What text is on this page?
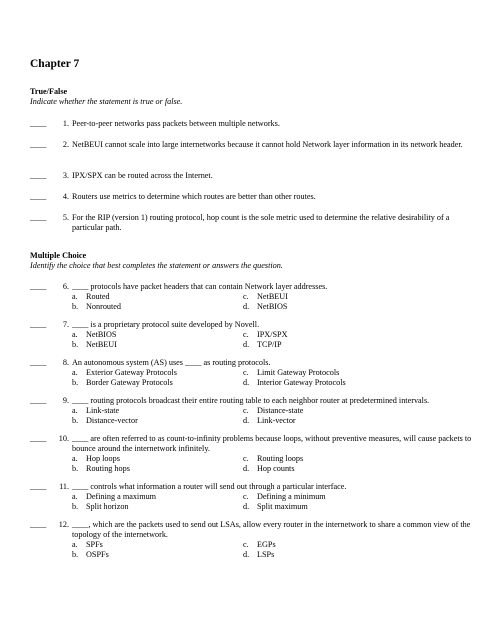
Chapter 7
True/False
Indicate whether the statement is true or false.
____	1. Peer-to-peer networks pass packets between multiple networks.
____	2. NetBEUI cannot scale into large internetworks because it cannot hold Network layer information in its network header.
____	3. IPX/SPX can be routed across the Internet.
____	4. Routers use metrics to determine which routes are better than other routes.
____	5. For the RIP (version 1) routing protocol, hop count is the sole metric used to determine the relative desirability of a particular path.
Multiple Choice
Identify the choice that best completes the statement or answers the question.
____	6. ____ protocols have packet headers that can contain Network layer addresses.
a. Routed	c. NetBEUI
b. Nonrouted	d. NetBIOS
____	7. ____ is a proprietary protocol suite developed by Novell.
a. NetBIOS	c. IPX/SPX
b. NetBEUI	d. TCP/IP
____	8. An autonomous system (AS) uses ____ as routing protocols.
a. Exterior Gateway Protocols	c. Limit Gateway Protocols
b. Border Gateway Protocols	d. Interior Gateway Protocols
____	9. ____ routing protocols broadcast their entire routing table to each neighbor router at predetermined intervals.
a. Link-state	c. Distance-state
b. Distance-vector	d. Link-vector
____	10. ____ are often referred to as count-to-infinity problems because loops, without preventive measures, will cause packets to bounce around the internetwork infinitely.
a. Hop loops	c. Routing loops
b. Routing hops	d. Hop counts
____	11. ____ controls what information a router will send out through a particular interface.
a. Defining a maximum	c. Defining a minimum
b. Split horizon	d. Split maximum
____	12. ____, which are the packets used to send out LSAs, allow every router in the internetwork to share a common view of the topology of the internetwork.
a. SPFs	c. EGPs
b. OSPFs	d. LSPs
